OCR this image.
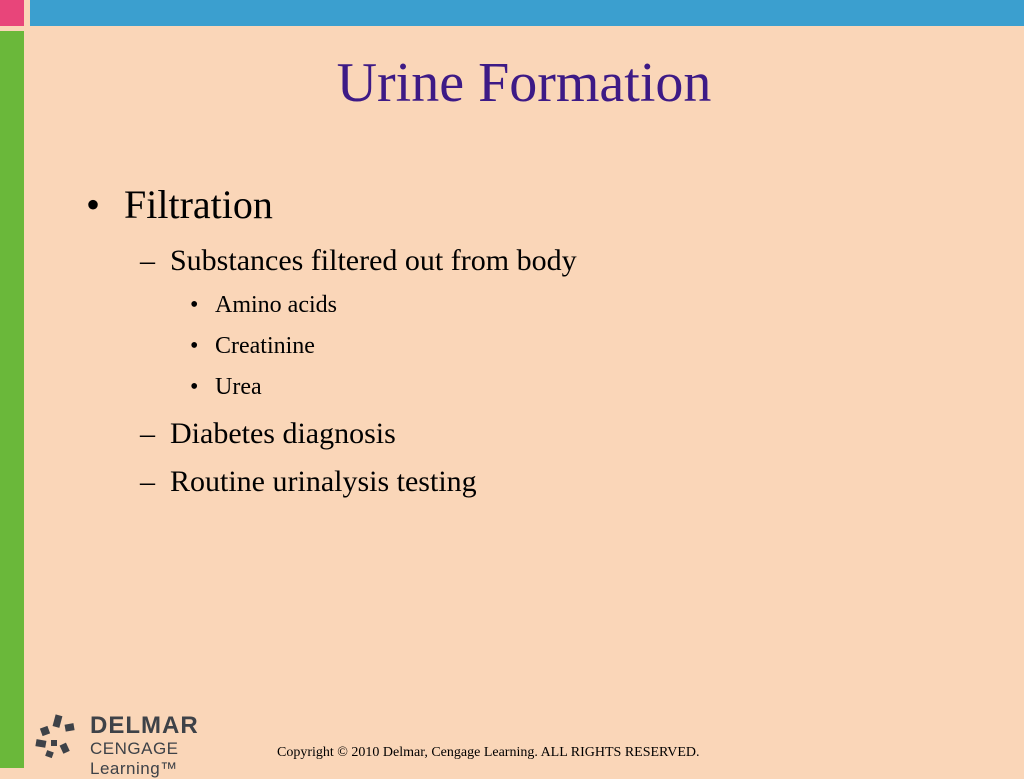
Urine Formation
• Filtration
– Substances filtered out from body
• Amino acids
• Creatinine
• Urea
– Diabetes diagnosis
– Routine urinalysis testing
DELMAR
CENGAGE Learning™
Copyright © 2010 Delmar, Cengage Learning. ALL RIGHTS RESERVED.
